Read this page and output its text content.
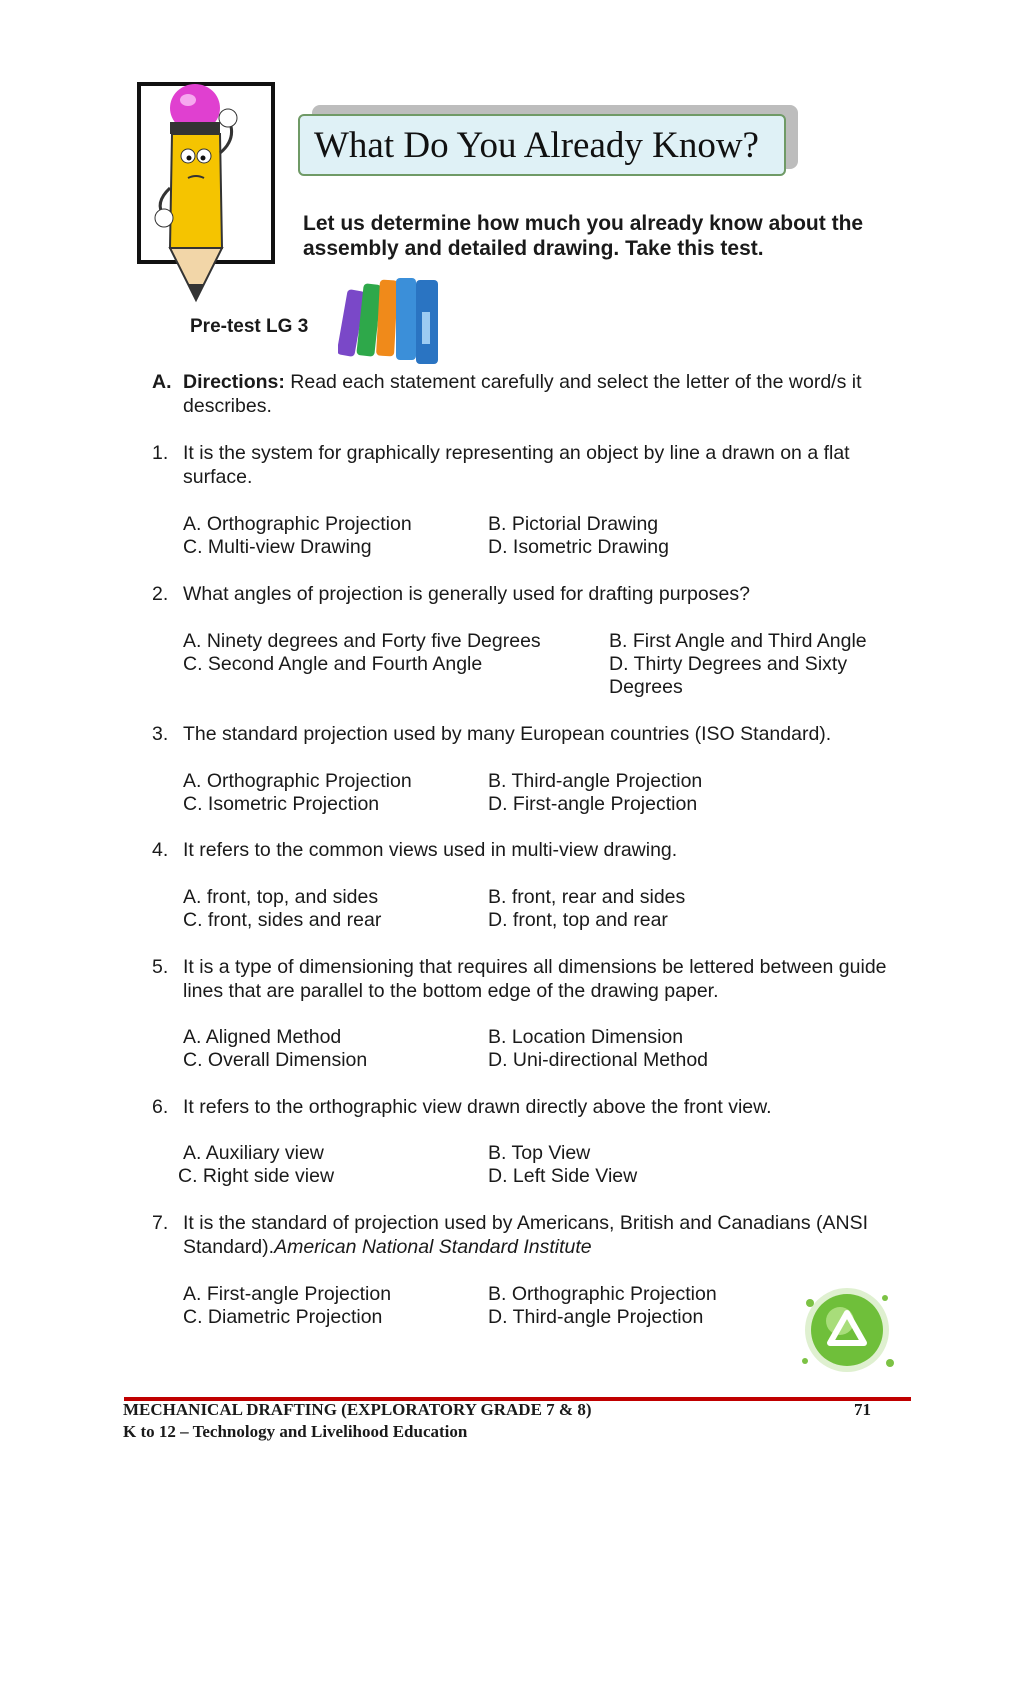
What Do You Already Know?
Let us determine how much you already know about the assembly and detailed drawing. Take this test.
Pre-test LG 3
A. Directions: Read each statement carefully and select the letter of the word/s it describes.
1. It is the system for graphically representing an object by line a drawn on a flat surface.
A. Orthographic Projection	B. Pictorial Drawing
C. Multi-view Drawing	D. Isometric Drawing
2. What angles of projection is generally used for drafting purposes?
A. Ninety degrees and Forty five Degrees	B. First Angle and Third Angle
C. Second Angle and Fourth Angle	D. Thirty Degrees and Sixty
Degrees
3. The standard projection used by many European countries (ISO Standard).
A. Orthographic Projection	B. Third-angle Projection
C. Isometric Projection	D. First-angle Projection
4. It refers to the common views used in multi-view drawing.
A. front, top, and sides	B. front, rear and sides
C. front, sides and rear	D. front, top and rear
5. It is a type of dimensioning that requires all dimensions be lettered between guide lines that are parallel to the bottom edge of the drawing paper.
A. Aligned Method	B. Location Dimension
C. Overall Dimension	D. Uni-directional Method
6. It refers to the orthographic view drawn directly above the front view.
A. Auxiliary view	B. Top View
C. Right side view	D. Left Side View
7. It is the standard of projection used by Americans, British and Canadians (ANSI Standard).American National Standard Institute
A. First-angle Projection	B. Orthographic Projection
C. Diametric Projection	D. Third-angle Projection
MECHANICAL DRAFTING (EXPLORATORY GRADE 7 & 8)
K to 12 – Technology and Livelihood Education
71
